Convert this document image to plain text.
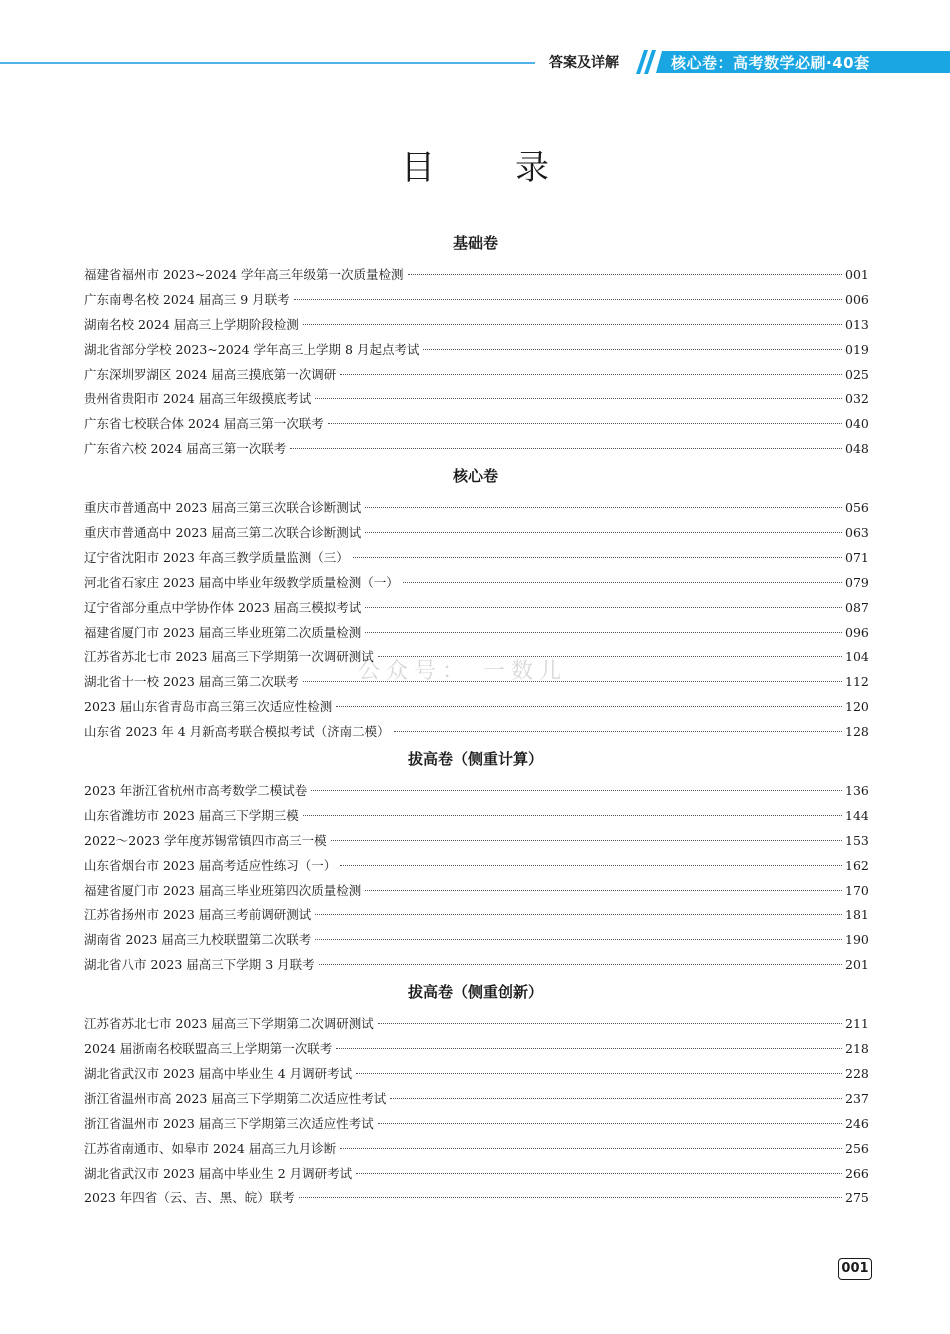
答案及详解	核心卷：高考数学必刷·40套
目录
公众号： 一数儿
基础卷
福建省福州市 2023~2024 学年高三年级第一次质量检测	001
广东南粤名校 2024 届高三 9 月联考	006
湖南名校 2024 届高三上学期阶段检测	013
湖北省部分学校 2023~2024 学年高三上学期 8 月起点考试	019
广东深圳罗湖区 2024 届高三摸底第一次调研	025
贵州省贵阳市 2024 届高三年级摸底考试	032
广东省七校联合体 2024 届高三第一次联考	040
广东省六校 2024 届高三第一次联考	048
核心卷
重庆市普通高中 2023 届高三第三次联合诊断测试	056
重庆市普通高中 2023 届高三第二次联合诊断测试	063
辽宁省沈阳市 2023 年高三教学质量监测（三）	071
河北省石家庄 2023 届高中毕业年级教学质量检测（一）	079
辽宁省部分重点中学协作体 2023 届高三模拟考试	087
福建省厦门市 2023 届高三毕业班第二次质量检测	096
江苏省苏北七市 2023 届高三下学期第一次调研测试	104
湖北省十一校 2023 届高三第二次联考	112
2023 届山东省青岛市高三第三次适应性检测	120
山东省 2023 年 4 月新高考联合模拟考试（济南二模）	128
拔高卷（侧重计算）
2023 年浙江省杭州市高考数学二模试卷	136
山东省潍坊市 2023 届高三下学期三模	144
2022～2023 学年度苏锡常镇四市高三一模	153
山东省烟台市 2023 届高考适应性练习（一）	162
福建省厦门市 2023 届高三毕业班第四次质量检测	170
江苏省扬州市 2023 届高三考前调研测试	181
湖南省 2023 届高三九校联盟第二次联考	190
湖北省八市 2023 届高三下学期 3 月联考	201
拔高卷（侧重创新）
江苏省苏北七市 2023 届高三下学期第二次调研测试	211
2024 届浙南名校联盟高三上学期第一次联考	218
湖北省武汉市 2023 届高中毕业生 4 月调研考试	228
浙江省温州市高 2023 届高三下学期第二次适应性考试	237
浙江省温州市 2023 届高三下学期第三次适应性考试	246
江苏省南通市、如皋市 2024 届高三九月诊断	256
湖北省武汉市 2023 届高中毕业生 2 月调研考试	266
2023 年四省（云、吉、黑、皖）联考	275
001
